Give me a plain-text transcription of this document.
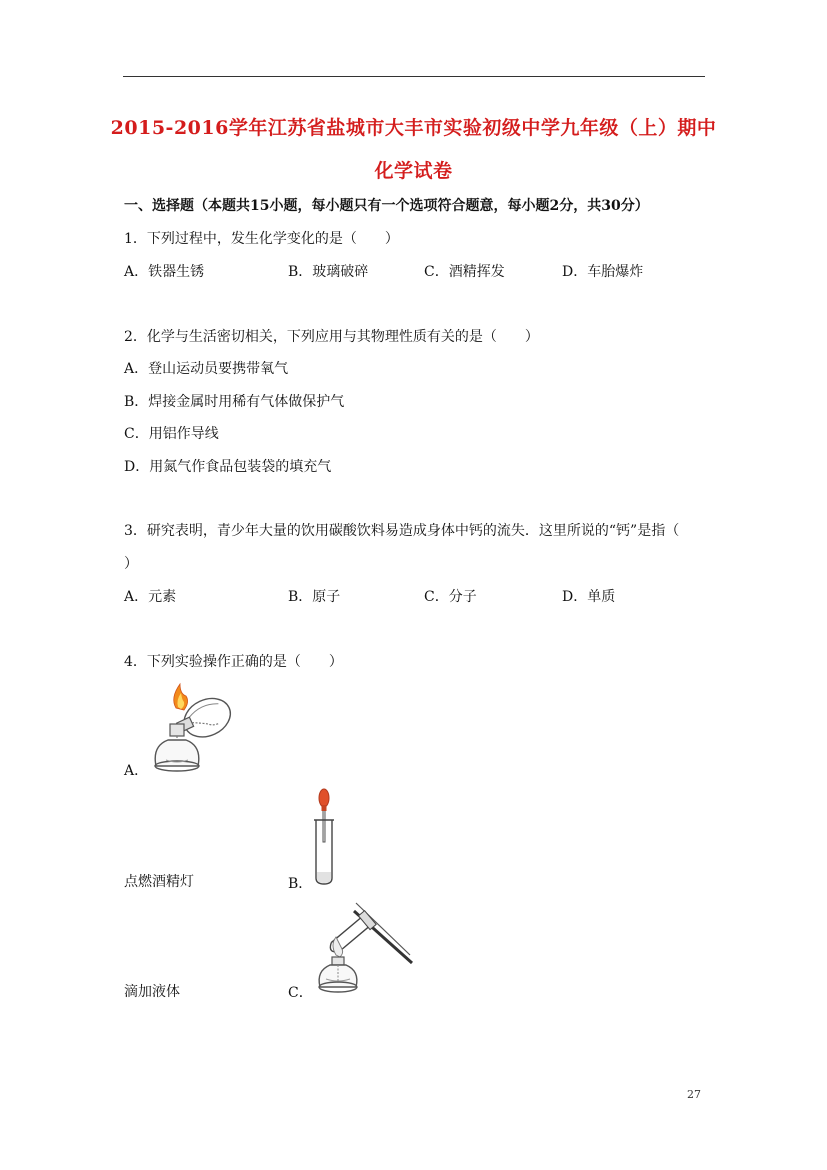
2015-2016学年江苏省盐城市大丰市实验初级中学九年级（上）期中
化学试卷
一、选择题（本题共15小题，每小题只有一个选项符合题意，每小题2分，共30分）
1．下列过程中，发生化学变化的是（　　）
A．铁器生锈	B．玻璃破碎	C．酒精挥发	D．车胎爆炸
2．化学与生活密切相关，下列应用与其物理性质有关的是（　　）
A．登山运动员要携带氧气
B．焊接金属时用稀有气体做保护气
C．用铝作导线
D．用氮气作食品包装袋的填充气
3．研究表明，青少年大量的饮用碳酸饮料易造成身体中钙的流失．这里所说的“钙”是指（
）
A．元素	B．原子	C．分子	D．单质
4．下列实验操作正确的是（　　）
A．
点燃酒精灯	B．
滴加液体	C．
27
